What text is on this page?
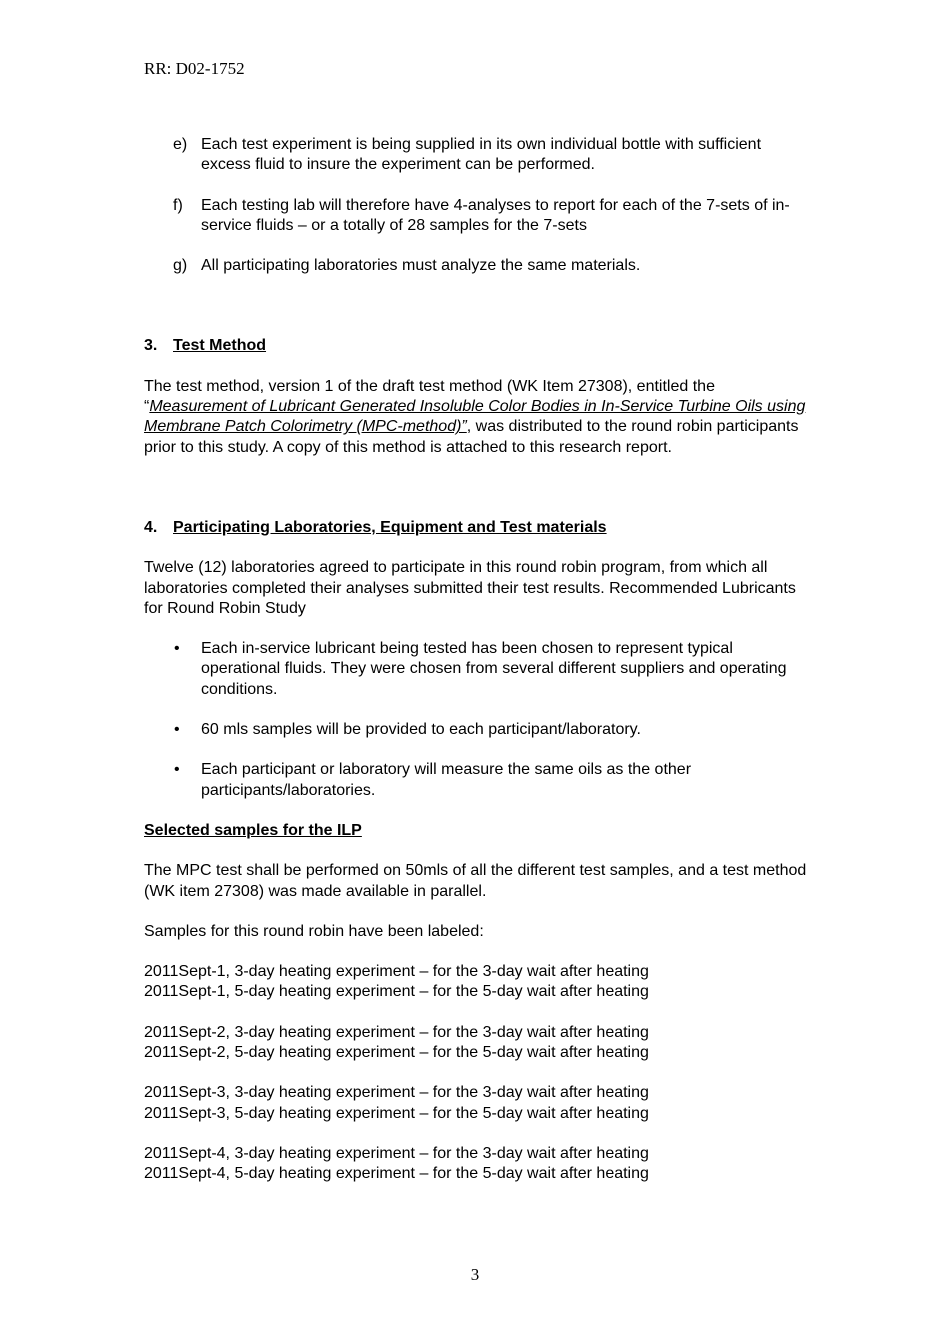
RR: D02-1752
e) Each test experiment is being supplied in its own individual bottle with sufficient excess fluid to insure the experiment can be performed.
f) Each testing lab will therefore have 4-analyses to report for each of the 7-sets of in-service fluids – or a totally of 28 samples for the 7-sets
g) All participating laboratories must analyze the same materials.
3. Test Method

The test method, version 1 of the draft test method (WK Item 27308), entitled the “Measurement of Lubricant Generated Insoluble Color Bodies in In-Service Turbine Oils using Membrane Patch Colorimetry (MPC-method)”, was distributed to the round robin participants prior to this study. A copy of this method is attached to this research report.

4. Participating Laboratories, Equipment and Test materials

Twelve (12) laboratories agreed to participate in this round robin program, from which all laboratories completed their analyses submitted their test results. Recommended Lubricants for Round Robin Study

• Each in-service lubricant being tested has been chosen to represent typical operational fluids. They were chosen from several different suppliers and operating conditions.
• 60 mls samples will be provided to each participant/laboratory.
• Each participant or laboratory will measure the same oils as the other participants/laboratories.
Selected samples for the ILP

The MPC test shall be performed on 50mls of all the different test samples, and a test method (WK item 27308) was made available in parallel.

Samples for this round robin have been labeled:

2011Sept-1, 3-day heating experiment – for the 3-day wait after heating
2011Sept-1, 5-day heating experiment – for the 5-day wait after heating
2011Sept-2, 3-day heating experiment – for the 3-day wait after heating
2011Sept-2, 5-day heating experiment – for the 5-day wait after heating
2011Sept-3, 3-day heating experiment – for the 3-day wait after heating
2011Sept-3, 5-day heating experiment – for the 5-day wait after heating
2011Sept-4, 3-day heating experiment – for the 3-day wait after heating
2011Sept-4, 5-day heating experiment – for the 5-day wait after heating
3
